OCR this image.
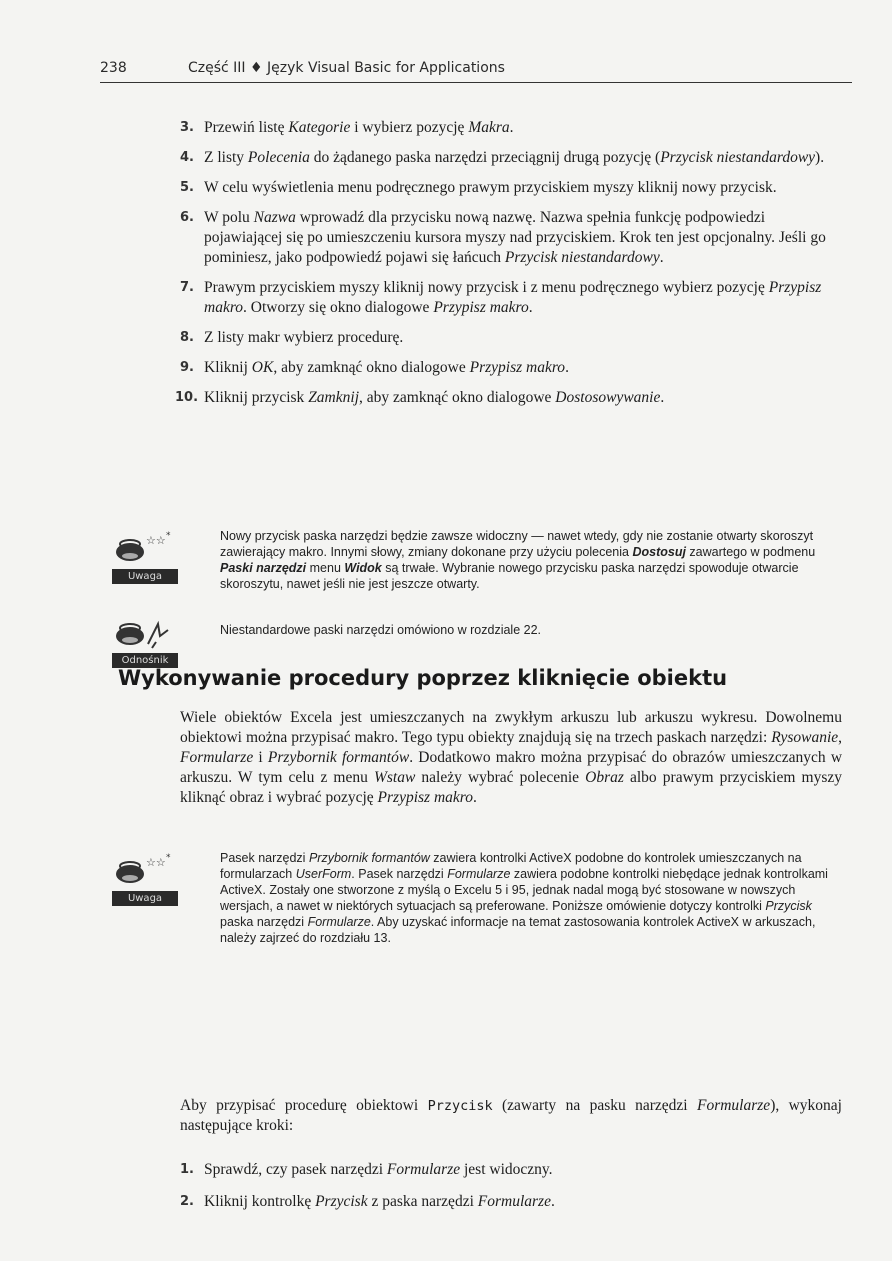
238	Część III ♦ Język Visual Basic for Applications
3. Przewiń listę Kategorie i wybierz pozycję Makra.
4. Z listy Polecenia do żądanego paska narzędzi przeciągnij drugą pozycję (Przycisk niestandardowy).
5. W celu wyświetlenia menu podręcznego prawym przyciskiem myszy kliknij nowy przycisk.
6. W polu Nazwa wprowadź dla przycisku nową nazwę. Nazwa spełnia funkcję podpowiedzi pojawiającej się po umieszczeniu kursora myszy nad przyciskiem. Krok ten jest opcjonalny. Jeśli go pominiesz, jako podpowiedź pojawi się łańcuch Przycisk niestandardowy.
7. Prawym przyciskiem myszy kliknij nowy przycisk i z menu podręcznego wybierz pozycję Przypisz makro. Otworzy się okno dialogowe Przypisz makro.
8. Z listy makr wybierz procedurę.
9. Kliknij OK, aby zamknąć okno dialogowe Przypisz makro.
10. Kliknij przycisk Zamknij, aby zamknąć okno dialogowe Dostosowywanie.
☆☆ *
Uwaga
Nowy przycisk paska narzędzi będzie zawsze widoczny — nawet wtedy, gdy nie zostanie otwarty skoroszyt zawierający makro. Innymi słowy, zmiany dokonane przy użyciu polecenia Dostosuj zawartego w podmenu Paski narzędzi menu Widok są trwałe. Wybranie nowego przycisku paska narzędzi spowoduje otwarcie skoroszytu, nawet jeśli nie jest jeszcze otwarty.
Odnośnik
Niestandardowe paski narzędzi omówiono w rozdziale 22.
Wykonywanie procedury poprzez kliknięcie obiektu
Wiele obiektów Excela jest umieszczanych na zwykłym arkuszu lub arkuszu wykresu. Dowolnemu obiektowi można przypisać makro. Tego typu obiekty znajdują się na trzech paskach narzędzi: Rysowanie, Formularze i Przybornik formantów. Dodatkowo makro można przypisać do obrazów umieszczanych w arkuszu. W tym celu z menu Wstaw należy wybrać polecenie Obraz albo prawym przyciskiem myszy kliknąć obraz i wybrać pozycję Przypisz makro.
☆☆ *
Uwaga
Pasek narzędzi Przybornik formantów zawiera kontrolki ActiveX podobne do kontrolek umieszczanych na formularzach UserForm. Pasek narzędzi Formularze zawiera podobne kontrolki niebędące jednak kontrolkami ActiveX. Zostały one stworzone z myślą o Excelu 5 i 95, jednak nadal mogą być stosowane w nowszych wersjach, a nawet w niektórych sytuacjach są preferowane. Poniższe omówienie dotyczy kontrolki Przycisk paska narzędzi Formularze. Aby uzyskać informacje na temat zastosowania kontrolek ActiveX w arkuszach, należy zajrzeć do rozdziału 13.
Aby przypisać procedurę obiektowi Przycisk (zawarty na pasku narzędzi Formularze), wykonaj następujące kroki:
1. Sprawdź, czy pasek narzędzi Formularze jest widoczny.
2. Kliknij kontrolkę Przycisk z paska narzędzi Formularze.
